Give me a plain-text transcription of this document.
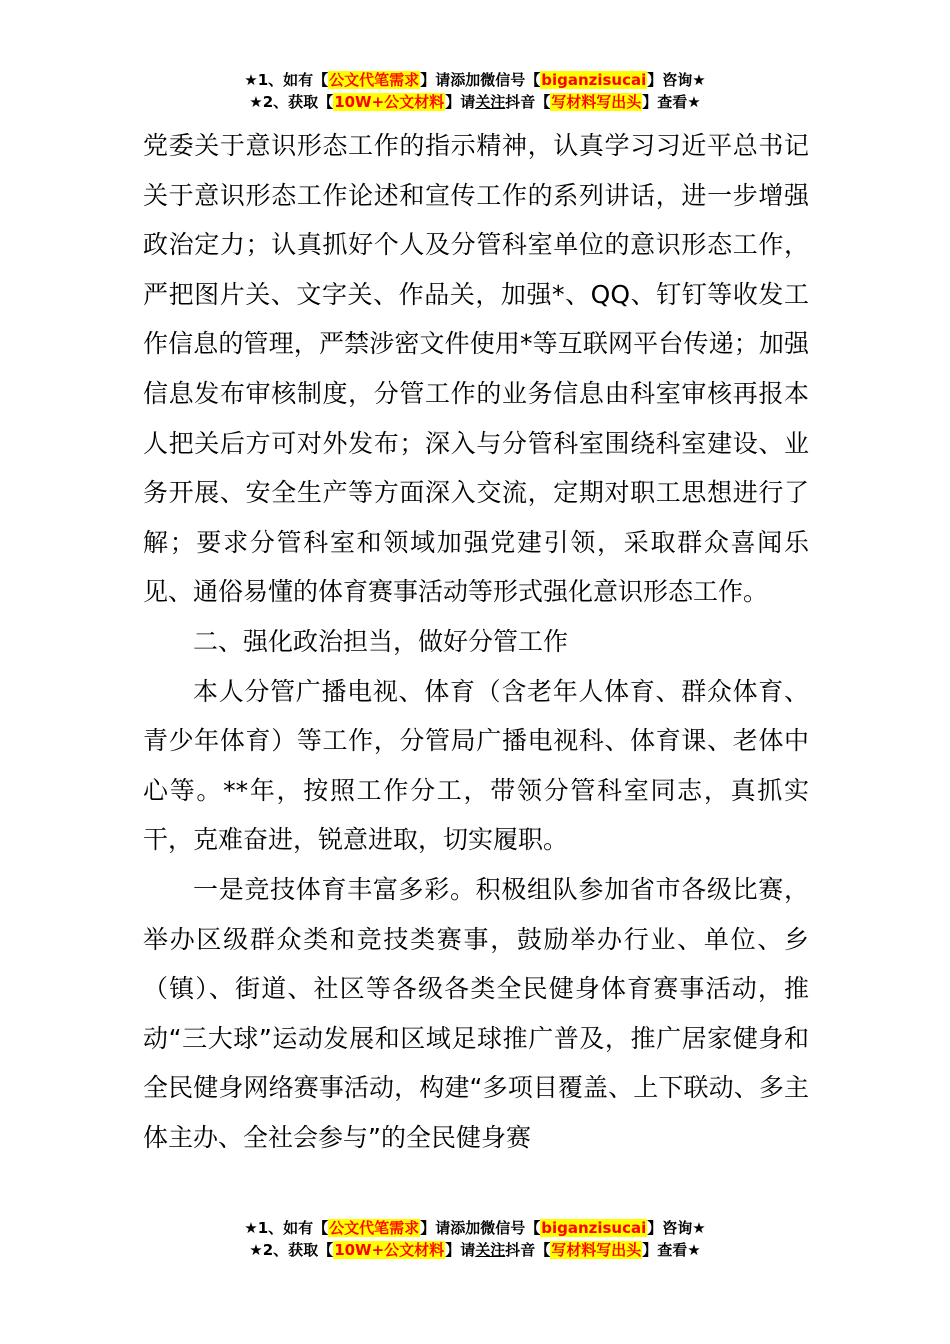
★1、如有【公文代笔需求】请添加微信号【biganzisucai】咨询★
★2、获取【10W+公文材料】请关注抖音【写材料写出头】查看★

党委关于意识形态工作的指示精神，认真学习习近平总书记关于意识形态工作论述和宣传工作的系列讲话，进一步增强政治定力；认真抓好个人及分管科室单位的意识形态工作，严把图片关、文字关、作品关，加强*、QQ、钉钉等收发工作信息的管理，严禁涉密文件使用*等互联网平台传递；加强信息发布审核制度，分管工作的业务信息由科室审核再报本人把关后方可对外发布；深入与分管科室围绕科室建设、业务开展、安全生产等方面深入交流，定期对职工思想进行了解；要求分管科室和领域加强党建引领，采取群众喜闻乐见、通俗易懂的体育赛事活动等形式强化意识形态工作。

二、强化政治担当，做好分管工作

本人分管广播电视、体育（含老年人体育、群众体育、青少年体育）等工作，分管局广播电视科、体育课、老体中心等。**年，按照工作分工，带领分管科室同志，真抓实干，克难奋进，锐意进取，切实履职。

一是竞技体育丰富多彩。积极组队参加省市各级比赛，举办区级群众类和竞技类赛事，鼓励举办行业、单位、乡（镇）、街道、社区等各级各类全民健身体育赛事活动，推动“三大球”运动发展和区域足球推广普及，推广居家健身和全民健身网络赛事活动，构建“多项目覆盖、上下联动、多主体主办、全社会参与”的全民健身赛

★1、如有【公文代笔需求】请添加微信号【biganzisucai】咨询★
★2、获取【10W+公文材料】请关注抖音【写材料写出头】查看★
